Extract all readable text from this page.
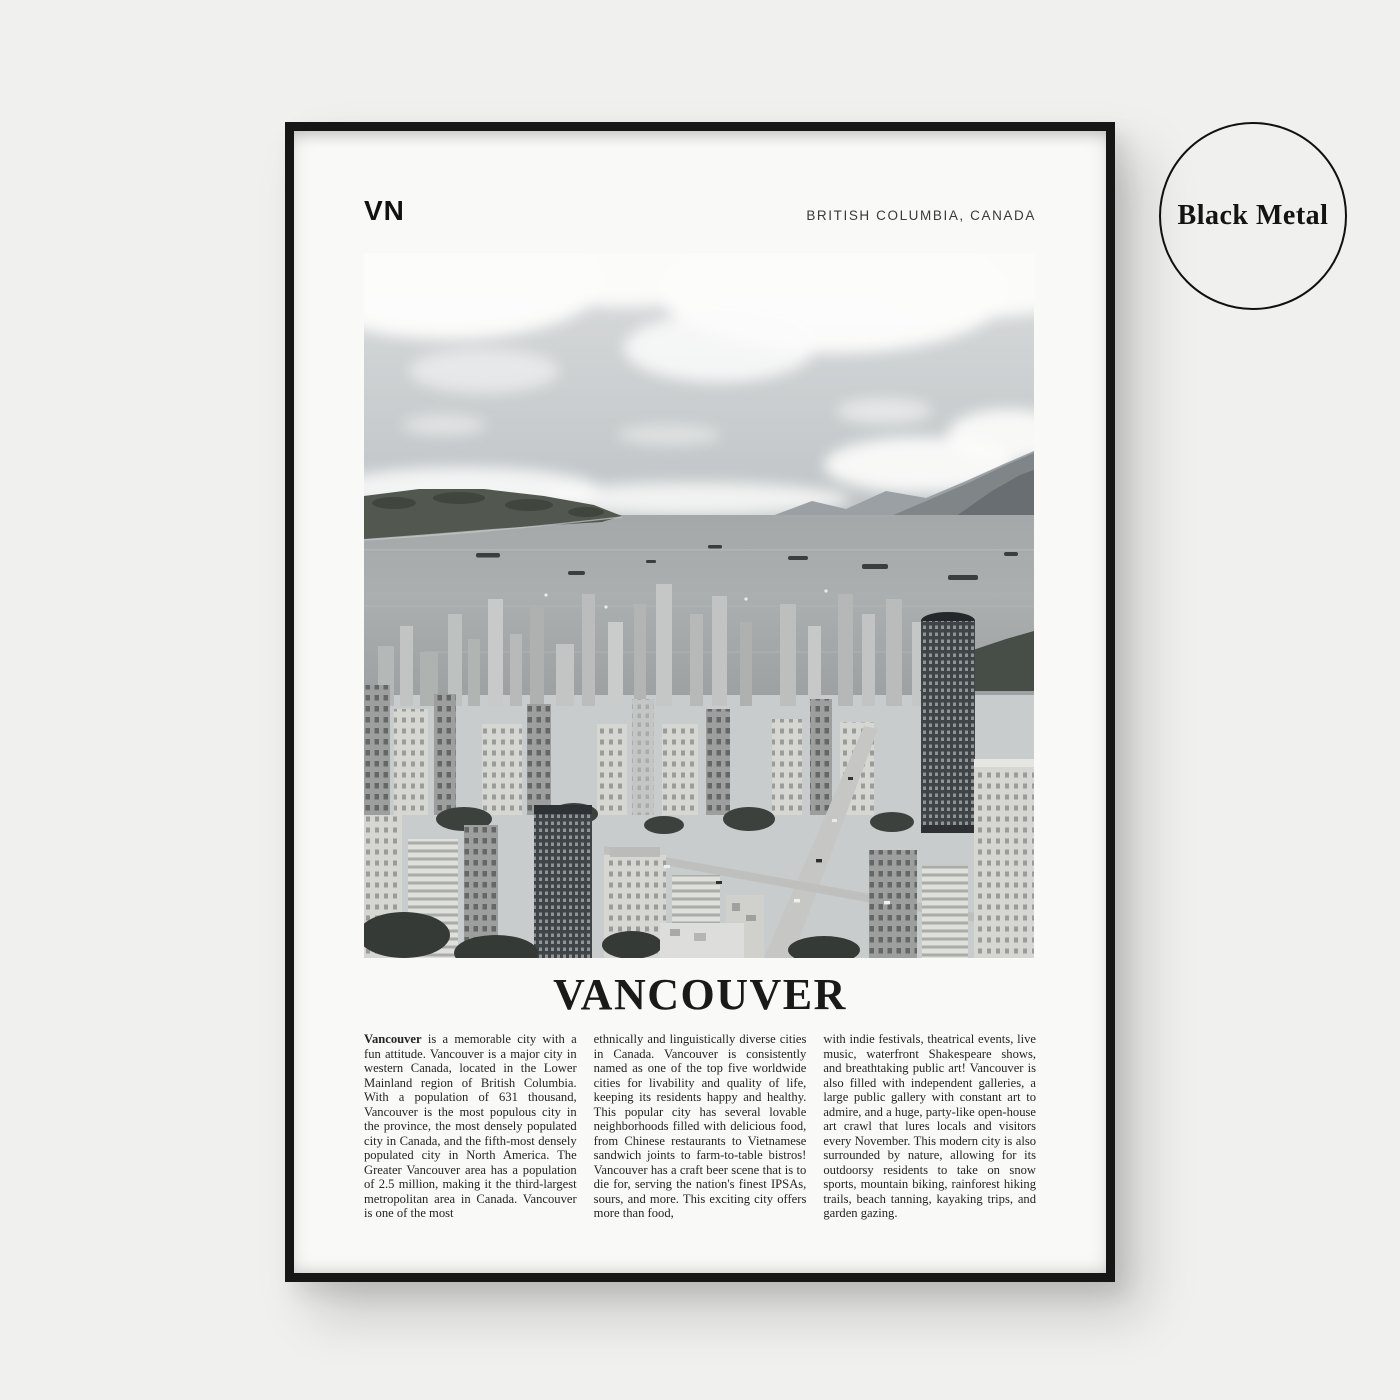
VN	BRITISH COLUMBIA, CANADA
VANCOUVER

Vancouver is a memorable city with a fun attitude. Vancouver is a major city in western Canada, located in the Lower Mainland region of British Columbia. With a population of 631 thousand, Vancouver is the most populous city in the province, the most densely populated city in Canada, and the fifth-most densely populated city in North America. The Greater Vancouver area has a population of 2.5 million, making it the third-largest metropolitan area in Canada. Vancouver is one of the most

ethnically and linguistically diverse cities in Canada. Vancouver is consistently named as one of the top five worldwide cities for livability and quality of life, keeping its residents happy and healthy. This popular city has several lovable neighborhoods filled with delicious food, from Chinese restaurants to Vietnamese sandwich joints to farm-to-table bistros! Vancouver has a craft beer scene that is to die for, serving the nation's finest IPSAs, sours, and more. This exciting city offers more than food,

with indie festivals, theatrical events, live music, waterfront Shakespeare shows, and breathtaking public art! Vancouver is also filled with independent galleries, a large public gallery with constant art to admire, and a huge, party-like open-house art crawl that lures locals and visitors every November. This modern city is also surrounded by nature, allowing for its outdoorsy residents to take on snow sports, mountain biking, rainforest hiking trails, beach tanning, kayaking trips, and garden gazing.

Black Metal
